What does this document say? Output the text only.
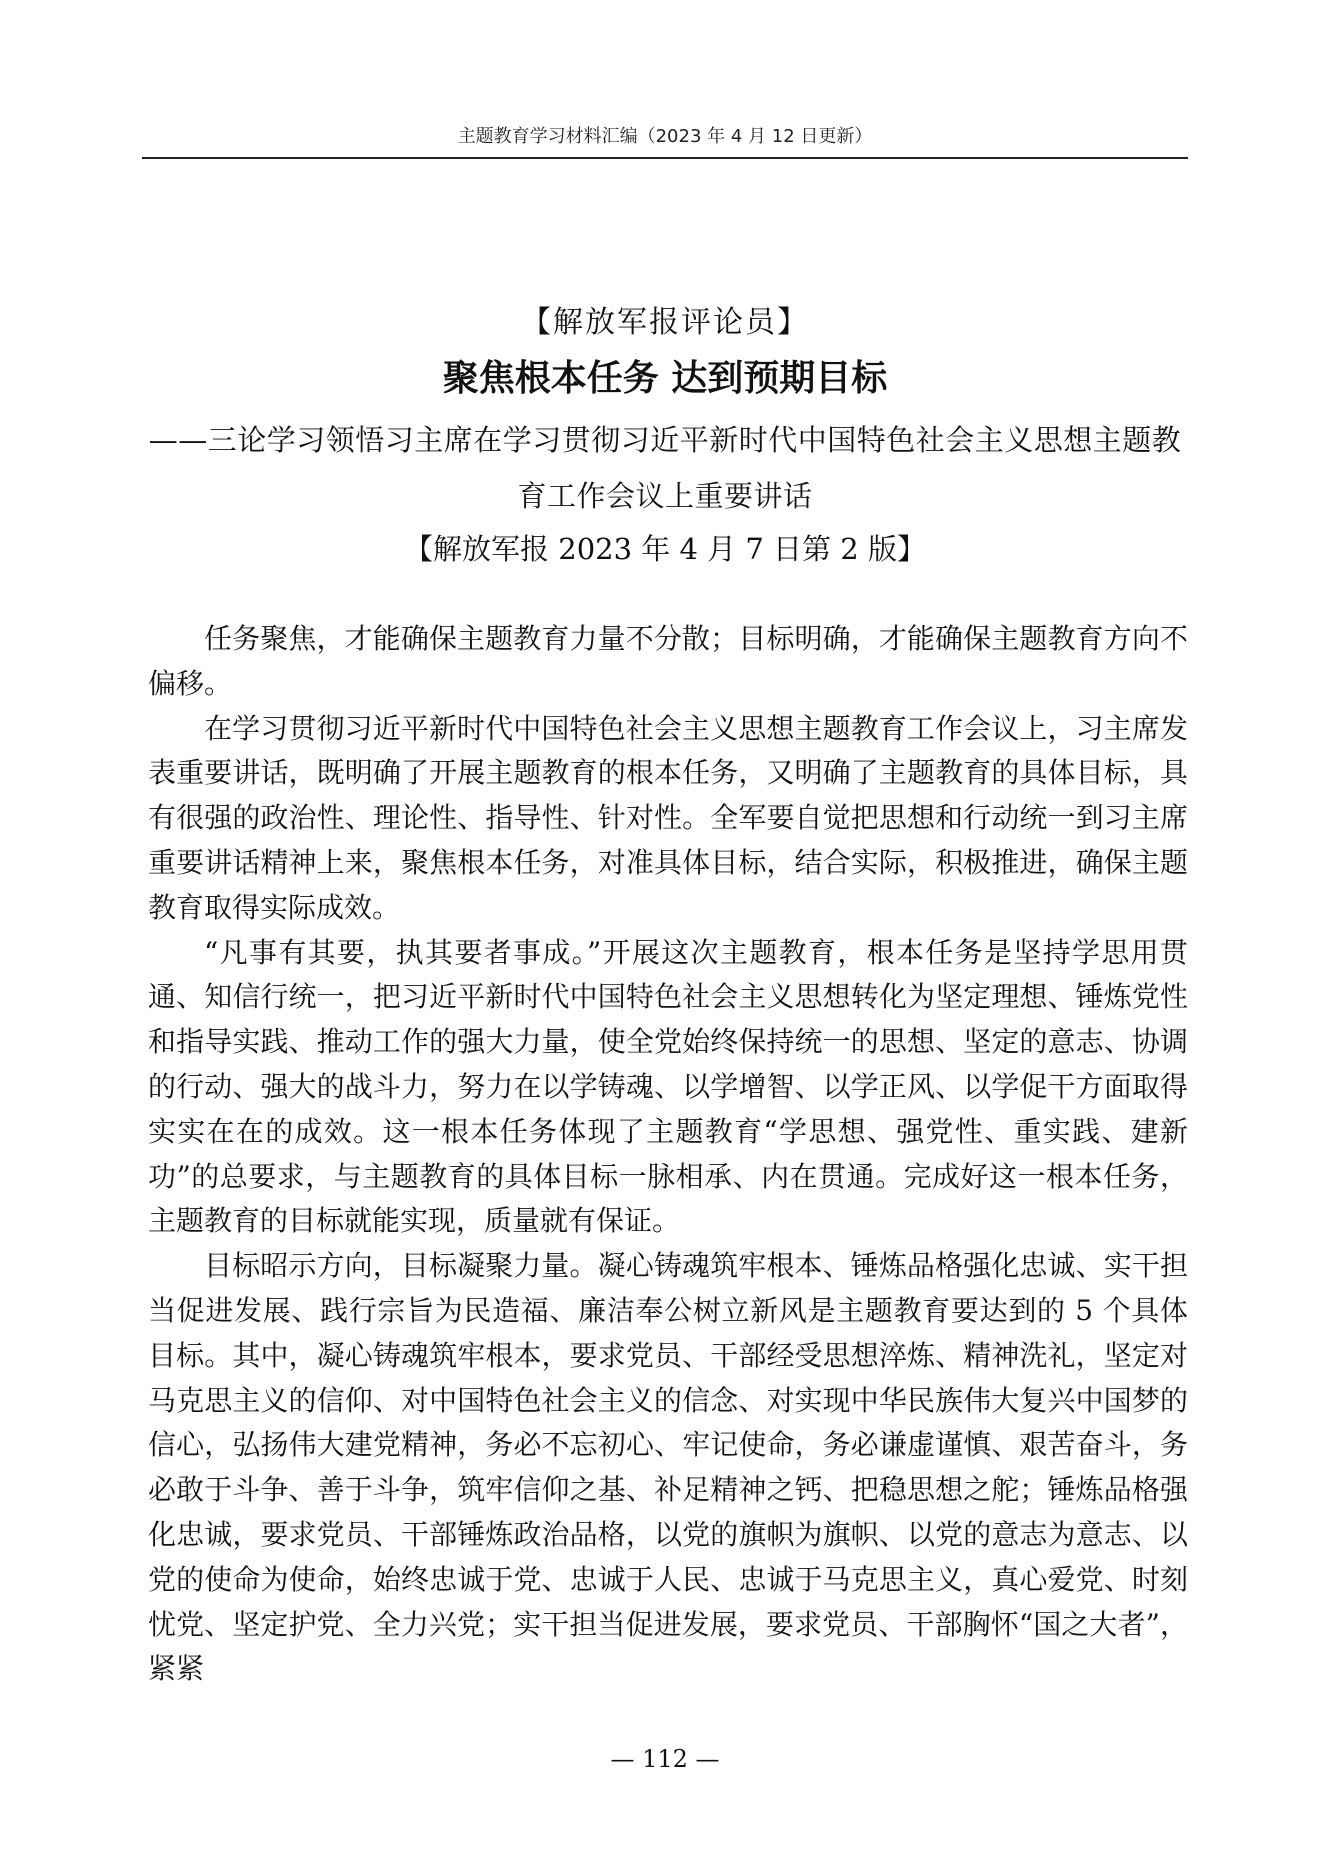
主题教育学习材料汇编（2023 年 4 月 12 日更新）
【解放军报评论员】
聚焦根本任务 达到预期目标
——三论学习领悟习主席在学习贯彻习近平新时代中国特色社会主义思想主题教育工作会议上重要讲话
【解放军报 2023 年 4 月 7 日第 2 版】

任务聚焦，才能确保主题教育力量不分散；目标明确，才能确保主题教育方向不偏移。

在学习贯彻习近平新时代中国特色社会主义思想主题教育工作会议上，习主席发表重要讲话，既明确了开展主题教育的根本任务，又明确了主题教育的具体目标，具有很强的政治性、理论性、指导性、针对性。全军要自觉把思想和行动统一到习主席重要讲话精神上来，聚焦根本任务，对准具体目标，结合实际，积极推进，确保主题教育取得实际成效。

“凡事有其要，执其要者事成。”开展这次主题教育，根本任务是坚持学思用贯通、知信行统一，把习近平新时代中国特色社会主义思想转化为坚定理想、锤炼党性和指导实践、推动工作的强大力量，使全党始终保持统一的思想、坚定的意志、协调的行动、强大的战斗力，努力在以学铸魂、以学增智、以学正风、以学促干方面取得实实在在的成效。这一根本任务体现了主题教育“学思想、强党性、重实践、建新功”的总要求，与主题教育的具体目标一脉相承、内在贯通。完成好这一根本任务，主题教育的目标就能实现，质量就有保证。

目标昭示方向，目标凝聚力量。凝心铸魂筑牢根本、锤炼品格强化忠诚、实干担当促进发展、践行宗旨为民造福、廉洁奉公树立新风是主题教育要达到的 5 个具体目标。其中，凝心铸魂筑牢根本，要求党员、干部经受思想淬炼、精神洗礼，坚定对马克思主义的信仰、对中国特色社会主义的信念、对实现中华民族伟大复兴中国梦的信心，弘扬伟大建党精神，务必不忘初心、牢记使命，务必谦虚谨慎、艰苦奋斗，务必敢于斗争、善于斗争，筑牢信仰之基、补足精神之钙、把稳思想之舵；锤炼品格强化忠诚，要求党员、干部锤炼政治品格，以党的旗帜为旗帜、以党的意志为意志、以党的使命为使命，始终忠诚于党、忠诚于人民、忠诚于马克思主义，真心爱党、时刻忧党、坚定护党、全力兴党；实干担当促进发展，要求党员、干部胸怀“国之大者”，紧紧

— 112 —
